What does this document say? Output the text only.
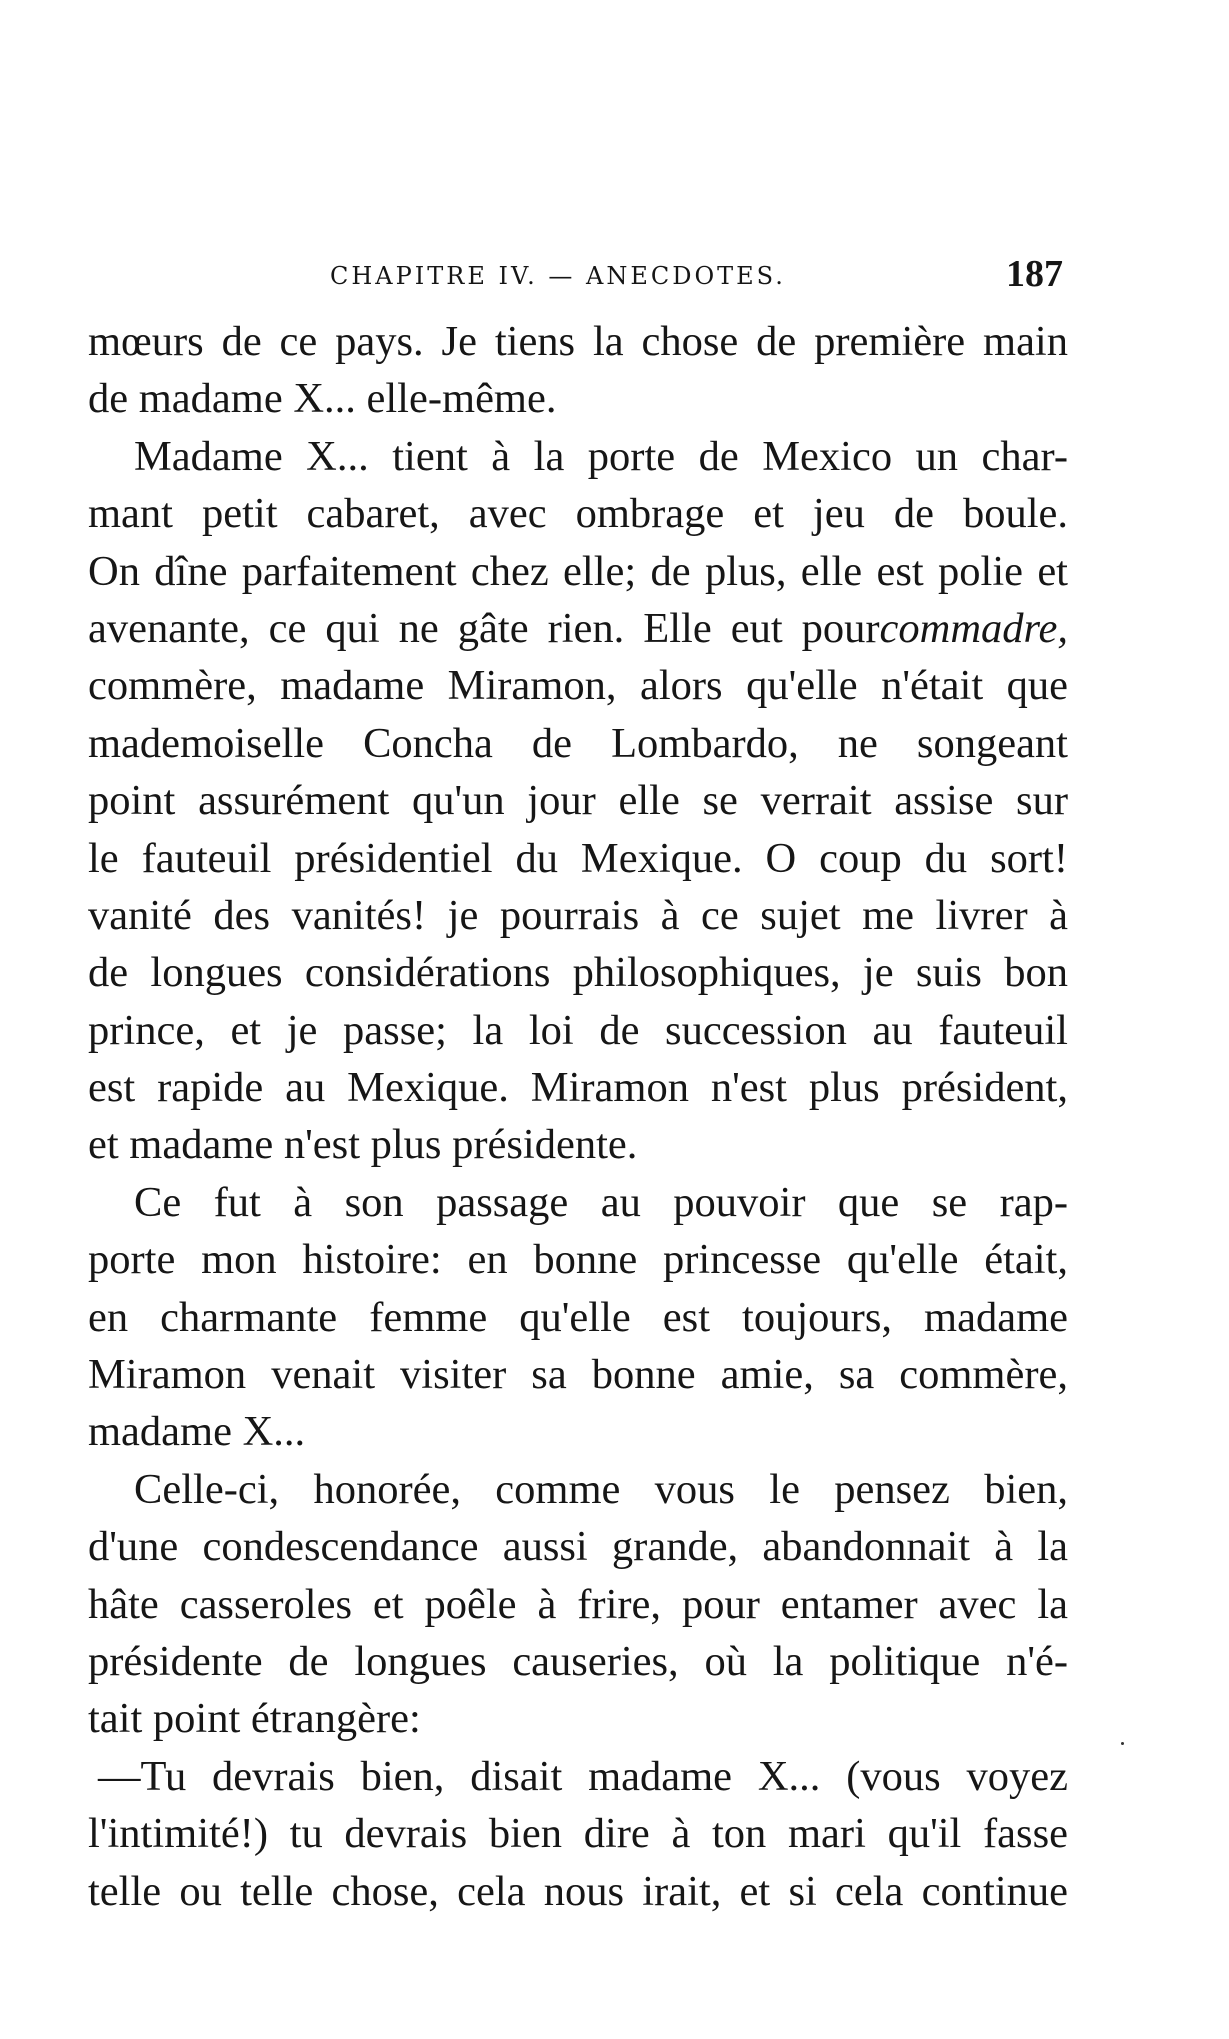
CHAPITRE IV. — ANECDOTES.	187
mœurs de ce pays. Je tiens la chose de première main
de madame X... elle-même.
Madame X... tient à la porte de Mexico un char-
mant petit cabaret, avec ombrage et jeu de boule.
On dîne parfaitement chez elle; de plus, elle est polie et
avenante, ce qui ne gâte rien. Elle eut pourcommadre,
commère, madame Miramon, alors qu'elle n'était que
mademoiselle Concha de Lombardo, ne songeant
point assurément qu'un jour elle se verrait assise sur
le fauteuil présidentiel du Mexique. O coup du sort!
vanité des vanités! je pourrais à ce sujet me livrer à
de longues considérations philosophiques, je suis bon
prince, et je passe; la loi de succession au fauteuil
est rapide au Mexique. Miramon n'est plus président,
et madame n'est plus présidente.
Ce fut à son passage au pouvoir que se rap-
porte mon histoire: en bonne princesse qu'elle était,
en charmante femme qu'elle est toujours, madame
Miramon venait visiter sa bonne amie, sa commère,
madame X...
Celle-ci, honorée, comme vous le pensez bien,
d'une condescendance aussi grande, abandonnait à la
hâte casseroles et poêle à frire, pour entamer avec la
présidente de longues causeries, où la politique n'é-
tait point étrangère:
—Tu devrais bien, disait madame X... (vous voyez
l'intimité!) tu devrais bien dire à ton mari qu'il fasse
telle ou telle chose, cela nous irait, et si cela continue
